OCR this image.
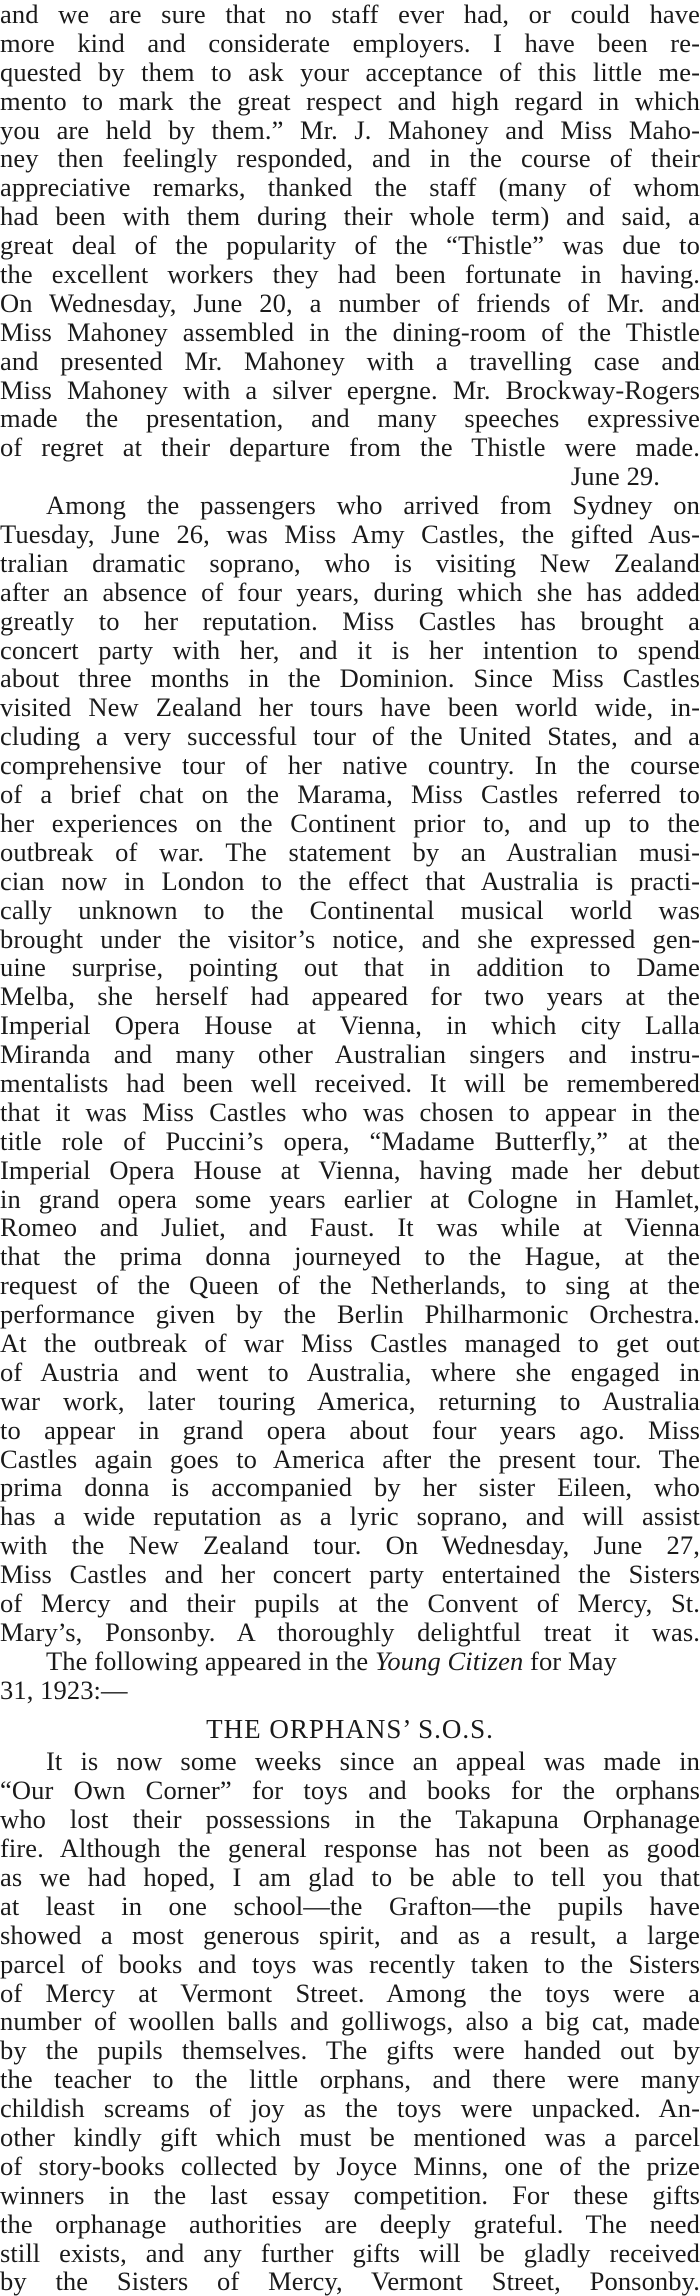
and we are sure that no staff ever had, or could have
more kind and considerate employers. I have been re-
quested by them to ask your acceptance of this little me-
mento to mark the great respect and high regard in which
you are held by them.” Mr. J. Mahoney and Miss Maho-
ney then feelingly responded, and in the course of their
appreciative remarks, thanked the staff (many of whom
had been with them during their whole term) and said, a
great deal of the popularity of the “Thistle” was due to
the excellent workers they had been fortunate in having.
On Wednesday, June 20, a number of friends of Mr. and
Miss Mahoney assembled in the dining-room of the Thistle
and presented Mr. Mahoney with a travelling case and
Miss Mahoney with a silver epergne. Mr. Brockway-Rogers
made the presentation, and many speeches expressive
of regret at their departure from the Thistle were made.
June 29.
Among the passengers who arrived from Sydney on
Tuesday, June 26, was Miss Amy Castles, the gifted Aus-
tralian dramatic soprano, who is visiting New Zealand
after an absence of four years, during which she has added
greatly to her reputation. Miss Castles has brought a
concert party with her, and it is her intention to spend
about three months in the Dominion. Since Miss Castles
visited New Zealand her tours have been world wide, in-
cluding a very successful tour of the United States, and a
comprehensive tour of her native country. In the course
of a brief chat on the Marama, Miss Castles referred to
her experiences on the Continent prior to, and up to the
outbreak of war. The statement by an Australian musi-
cian now in London to the effect that Australia is practi-
cally unknown to the Continental musical world was
brought under the visitor’s notice, and she expressed gen-
uine surprise, pointing out that in addition to Dame
Melba, she herself had appeared for two years at the
Imperial Opera House at Vienna, in which city Lalla
Miranda and many other Australian singers and instru-
mentalists had been well received. It will be remembered
that it was Miss Castles who was chosen to appear in the
title role of Puccini’s opera, “Madame Butterfly,” at the
Imperial Opera House at Vienna, having made her debut
in grand opera some years earlier at Cologne in Hamlet,
Romeo and Juliet, and Faust. It was while at Vienna
that the prima donna journeyed to the Hague, at the
request of the Queen of the Netherlands, to sing at the
performance given by the Berlin Philharmonic Orchestra.
At the outbreak of war Miss Castles managed to get out
of Austria and went to Australia, where she engaged in
war work, later touring America, returning to Australia
to appear in grand opera about four years ago. Miss
Castles again goes to America after the present tour. The
prima donna is accompanied by her sister Eileen, who
has a wide reputation as a lyric soprano, and will assist
with the New Zealand tour. On Wednesday, June 27,
Miss Castles and her concert party entertained the Sisters
of Mercy and their pupils at the Convent of Mercy, St.
Mary’s, Ponsonby. A thoroughly delightful treat it was.
The following appeared in the Young Citizen for May
31, 1923:—
THE ORPHANS’ S.O.S.
It is now some weeks since an appeal was made in
“Our Own Corner” for toys and books for the orphans
who lost their possessions in the Takapuna Orphanage
fire. Although the general response has not been as good
as we had hoped, I am glad to be able to tell you that
at least in one school—the Grafton—the pupils have
showed a most generous spirit, and as a result, a large
parcel of books and toys was recently taken to the Sisters
of Mercy at Vermont Street. Among the toys were a
number of woollen balls and golliwogs, also a big cat, made
by the pupils themselves. The gifts were handed out by
the teacher to the little orphans, and there were many
childish screams of joy as the toys were unpacked. An-
other kindly gift which must be mentioned was a parcel
of story-books collected by Joyce Minns, one of the prize
winners in the last essay competition. For these gifts
the orphanage authorities are deeply grateful. The need
still exists, and any further gifts will be gladly received
by the Sisters of Mercy, Vermont Street, Ponsonby.
